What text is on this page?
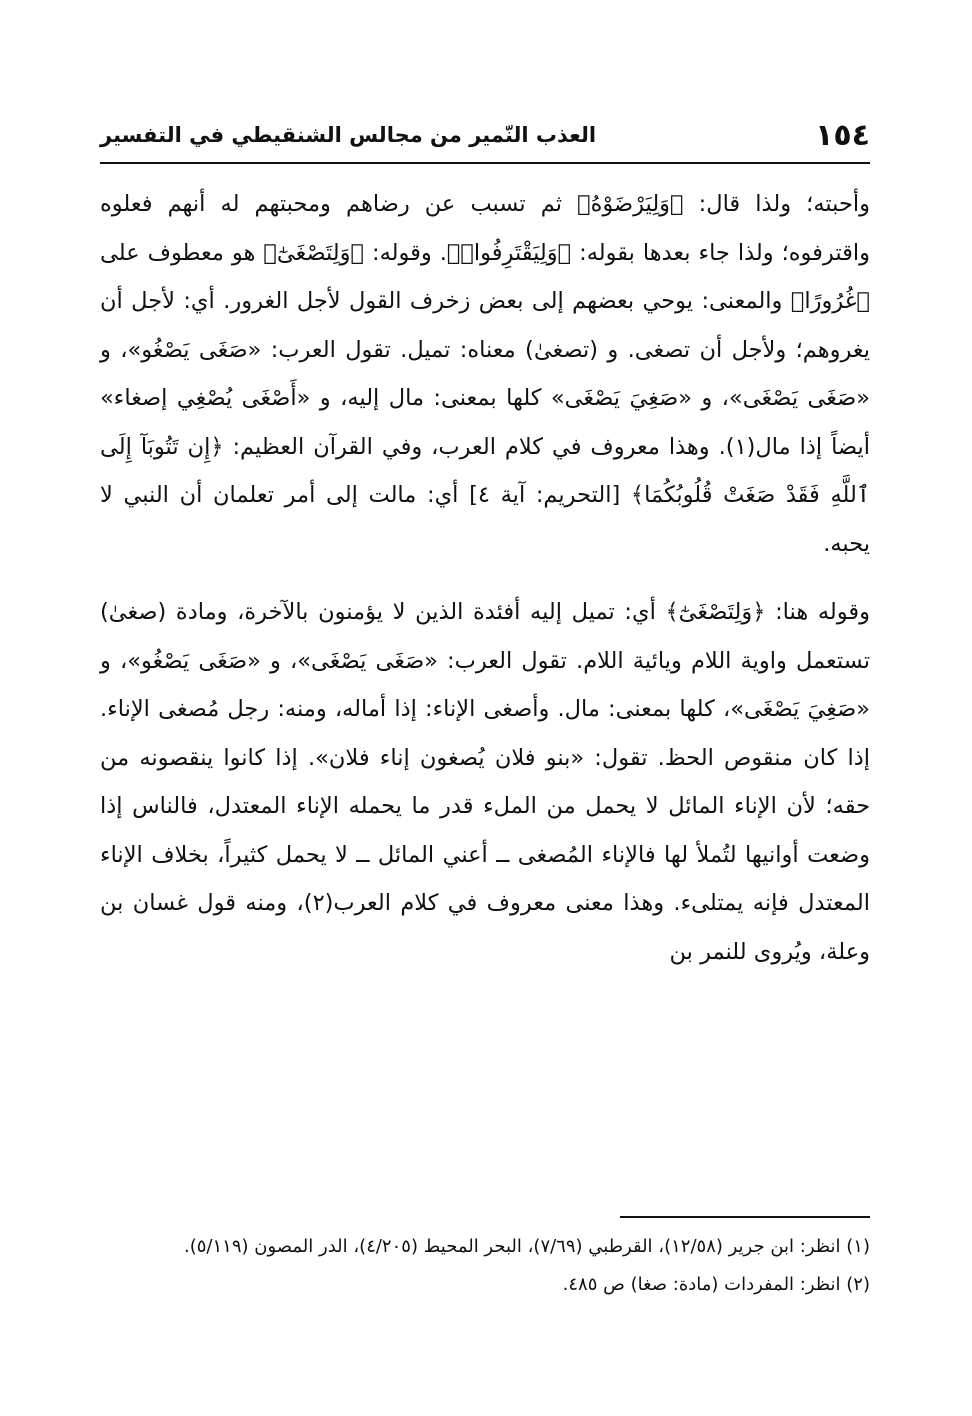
١٥٤
العذب النّمير من مجالس الشنقيطي في التفسير

وأحبته؛ ولذا قال: ﴿وَلِيَرْضَوْهُ﴾ ثم تسبب عن رضاهم ومحبتهم له أنهم فعلوه واقترفوه؛ ولذا جاء بعدها بقوله: ﴿وَلِيَقْتَرِفُوا۟﴾. وقوله: ﴿وَلِتَصْغَىٰٓ﴾ هو معطوف على ﴿غُرُورًا﴾ والمعنى: يوحي بعضهم إلى بعض زخرف القول لأجل الغرور. أي: لأجل أن يغروهم؛ ولأجل أن تصغى. و (تصغىٰ) معناه: تميل. تقول العرب: «صَغَى يَصْغُو»، و «صَغَى يَصْغَى»، و «صَغِيَ يَصْغَى» كلها بمعنى: مال إليه، و «أَصْغَى يُصْغِي إصغاء» أيضاً إذا مال(١). وهذا معروف في كلام العرب، وفي القرآن العظيم: ﴿إِن تَتُوبَآ إِلَى ٱللَّهِ فَقَدْ صَغَتْ قُلُوبُكُمَا﴾ [التحريم: آية ٤] أي: مالت إلى أمر تعلمان أن النبي لا يحبه.

وقوله هنا: ﴿وَلِتَصْغَىٰٓ﴾ أي: تميل إليه أفئدة الذين لا يؤمنون بالآخرة، ومادة (صغىٰ) تستعمل واوية اللام ويائية اللام. تقول العرب: «صَغَى يَصْغَى»، و «صَغَى يَصْغُو»، و «صَغِيَ يَصْغَى»، كلها بمعنى: مال. وأصغى الإناء: إذا أماله، ومنه: رجل مُصغى الإناء. إذا كان منقوص الحظ. تقول: «بنو فلان يُصغون إناء فلان». إذا كانوا ينقصونه من حقه؛ لأن الإناء المائل لا يحمل من الملء قدر ما يحمله الإناء المعتدل، فالناس إذا وضعت أوانيها لتُملأ لها فالإناء المُصغى ــ أعني المائل ــ لا يحمل كثيراً، بخلاف الإناء المعتدل فإنه يمتلىء. وهذا معنى معروف في كلام العرب(٢)، ومنه قول غسان بن وعلة، ويُروى للنمر بن

(١) انظر: ابن جرير (١٢/٥٨)، القرطبي (٧/٦٩)، البحر المحيط (٤/٢٠٥)، الدر المصون (٥/١١٩).

(٢) انظر: المفردات (مادة: صغا) ص ٤٨٥.
